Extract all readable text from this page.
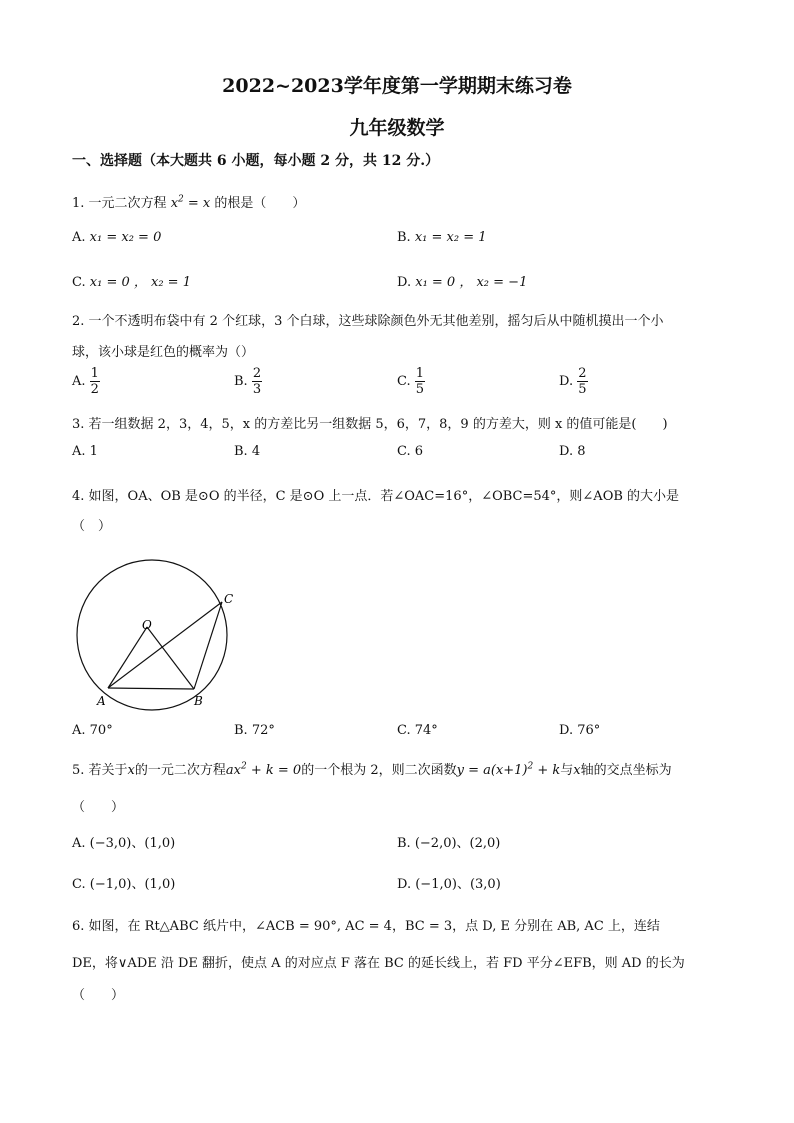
2022~2023学年度第一学期期末练习卷
九年级数学
一、选择题（本大题共 6 小题，每小题 2 分，共 12 分.）
1. 一元二次方程 $x^2 = x$ 的根是（　　）
A. x₁ = x₂ = 0	B. x₁ = x₂ = 1
C. x₁ = 0 ， x₂ = 1	D. x₁ = 0 ， x₂ = −1
2. 一个不透明布袋中有 2 个红球，3 个白球，这些球除颜色外无其他差别，摇匀后从中随机摸出一个小
球，该小球是红色的概率为（）
A. $\frac{1}{2}$	B. $\frac{2}{3}$	C. $\frac{1}{5}$	D. $\frac{2}{5}$
3. 若一组数据 2，3，4，5，x 的方差比另一组数据 5，6，7，8，9 的方差大，则 x 的值可能是(　　)
A. 1	B. 4	C. 6	D. 8
4. 如图，OA、OB 是⊙O 的半径，C 是⊙O 上一点．若∠OAC=16°，∠OBC=54°，则∠AOB 的大小是
（　）
O
A	B
C
A. 70°	B. 72°	C. 74°	D. 76°
5. 若关于x的一元二次方程$ax^2 + k = 0$的一个根为 2，则二次函数$y = a(x+1)^2 + k$与x轴的交点坐标为
（　　）
A. (−3,0)、(1,0)	B. (−2,0)、(2,0)
C. (−1,0)、(1,0)	D. (−1,0)、(3,0)
6. 如图，在 Rt△ABC 纸片中，∠ACB = 90°, AC = 4，BC = 3，点 D, E 分别在 AB, AC 上，连结
DE，将∨ADE 沿 DE 翻折，使点 A 的对应点 F 落在 BC 的延长线上，若 FD 平分∠EFB，则 AD 的长为
（　　）
